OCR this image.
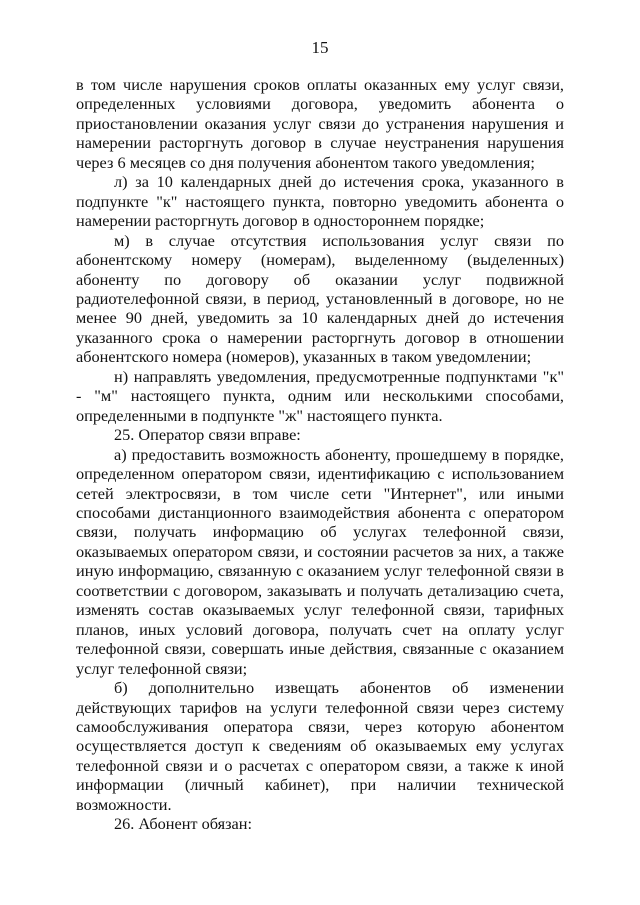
15

в том числе нарушения сроков оплаты оказанных ему услуг связи, определенных условиями договора, уведомить абонента о приостановлении оказания услуг связи до устранения нарушения и намерении расторгнуть договор в случае неустранения нарушения через 6 месяцев со дня получения абонентом такого уведомления;

л) за 10 календарных дней до истечения срока, указанного в подпункте "к" настоящего пункта, повторно уведомить абонента о намерении расторгнуть договор в одностороннем порядке;

м) в случае отсутствия использования услуг связи по абонентскому номеру (номерам), выделенному (выделенных) абоненту по договору об оказании услуг подвижной радиотелефонной связи, в период, установленный в договоре, но не менее 90 дней, уведомить за 10 календарных дней до истечения указанного срока о намерении расторгнуть договор в отношении абонентского номера (номеров), указанных в таком уведомлении;

н) направлять уведомления, предусмотренные подпунктами "к" - "м" настоящего пункта, одним или несколькими способами, определенными в подпункте "ж" настоящего пункта.

25. Оператор связи вправе:

а) предоставить возможность абоненту, прошедшему в порядке, определенном оператором связи, идентификацию с использованием сетей электросвязи, в том числе сети "Интернет", или иными способами дистанционного взаимодействия абонента с оператором связи, получать информацию об услугах телефонной связи, оказываемых оператором связи, и состоянии расчетов за них, а также иную информацию, связанную с оказанием услуг телефонной связи в соответствии с договором, заказывать и получать детализацию счета, изменять состав оказываемых услуг телефонной связи, тарифных планов, иных условий договора, получать счет на оплату услуг телефонной связи, совершать иные действия, связанные с оказанием услуг телефонной связи;

б) дополнительно извещать абонентов об изменении действующих тарифов на услуги телефонной связи через систему самообслуживания оператора связи, через которую абонентом осуществляется доступ к сведениям об оказываемых ему услугах телефонной связи и о расчетах с оператором связи, а также к иной информации (личный кабинет), при наличии технической возможности.

26. Абонент обязан:
